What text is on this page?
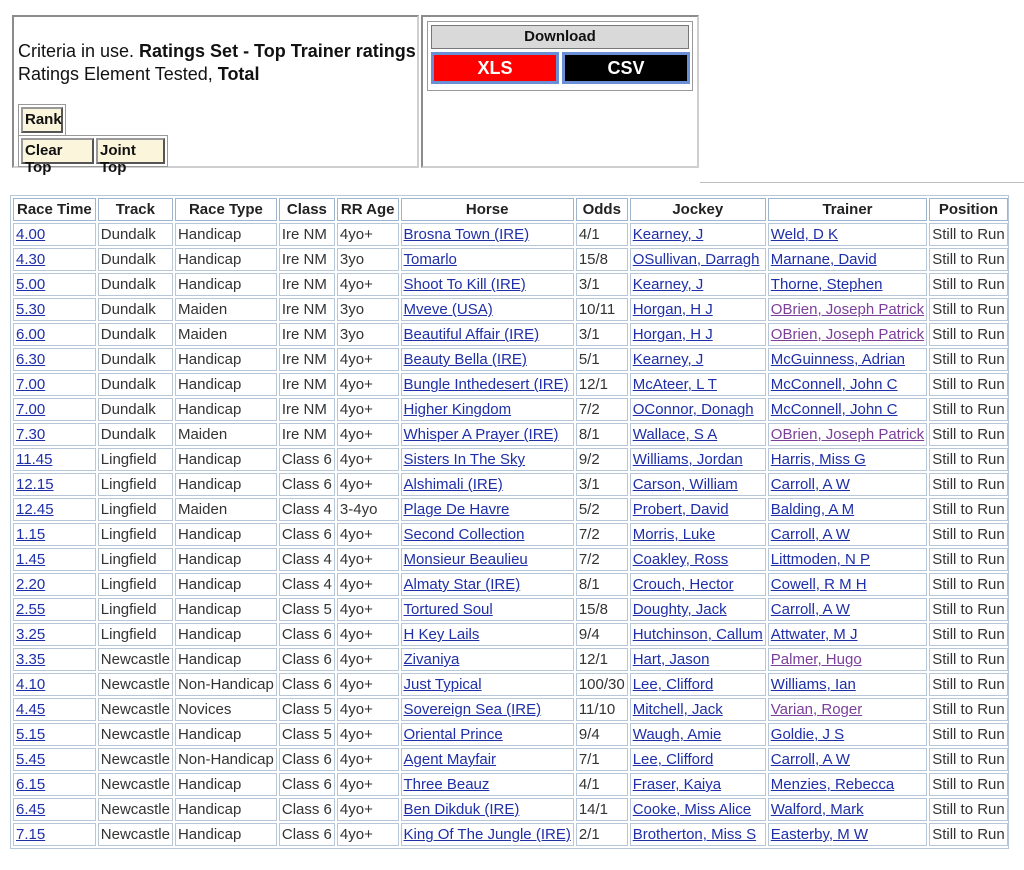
Criteria in use. Ratings Set - Top Trainer ratings
Ratings Element Tested, Total
Rank
Clear Top
Joint Top
Download
XLS	CSV
Race Time	Track	Race Type	Class	RR Age	Horse	Odds	Jockey	Trainer	Position
4.00	Dundalk	Handicap	Ire NM	4yo+	Brosna Town (IRE)	4/1	Kearney, J	Weld, D K	Still to Run
4.30	Dundalk	Handicap	Ire NM	3yo	Tomarlo	15/8	OSullivan, Darragh	Marnane, David	Still to Run
5.00	Dundalk	Handicap	Ire NM	4yo+	Shoot To Kill (IRE)	3/1	Kearney, J	Thorne, Stephen	Still to Run
5.30	Dundalk	Maiden	Ire NM	3yo	Mveve (USA)	10/11	Horgan, H J	OBrien, Joseph Patrick	Still to Run
6.00	Dundalk	Maiden	Ire NM	3yo	Beautiful Affair (IRE)	3/1	Horgan, H J	OBrien, Joseph Patrick	Still to Run
6.30	Dundalk	Handicap	Ire NM	4yo+	Beauty Bella (IRE)	5/1	Kearney, J	McGuinness, Adrian	Still to Run
7.00	Dundalk	Handicap	Ire NM	4yo+	Bungle Inthedesert (IRE)	12/1	McAteer, L T	McConnell, John C	Still to Run
7.00	Dundalk	Handicap	Ire NM	4yo+	Higher Kingdom	7/2	OConnor, Donagh	McConnell, John C	Still to Run
7.30	Dundalk	Maiden	Ire NM	4yo+	Whisper A Prayer (IRE)	8/1	Wallace, S A	OBrien, Joseph Patrick	Still to Run
11.45	Lingfield	Handicap	Class 6	4yo+	Sisters In The Sky	9/2	Williams, Jordan	Harris, Miss G	Still to Run
12.15	Lingfield	Handicap	Class 6	4yo+	Alshimali (IRE)	3/1	Carson, William	Carroll, A W	Still to Run
12.45	Lingfield	Maiden	Class 4	3-4yo	Plage De Havre	5/2	Probert, David	Balding, A M	Still to Run
1.15	Lingfield	Handicap	Class 6	4yo+	Second Collection	7/2	Morris, Luke	Carroll, A W	Still to Run
1.45	Lingfield	Handicap	Class 4	4yo+	Monsieur Beaulieu	7/2	Coakley, Ross	Littmoden, N P	Still to Run
2.20	Lingfield	Handicap	Class 4	4yo+	Almaty Star (IRE)	8/1	Crouch, Hector	Cowell, R M H	Still to Run
2.55	Lingfield	Handicap	Class 5	4yo+	Tortured Soul	15/8	Doughty, Jack	Carroll, A W	Still to Run
3.25	Lingfield	Handicap	Class 6	4yo+	H Key Lails	9/4	Hutchinson, Callum	Attwater, M J	Still to Run
3.35	Newcastle	Handicap	Class 6	4yo+	Zivaniya	12/1	Hart, Jason	Palmer, Hugo	Still to Run
4.10	Newcastle	Non-Handicap	Class 6	4yo+	Just Typical	100/30	Lee, Clifford	Williams, Ian	Still to Run
4.45	Newcastle	Novices	Class 5	4yo+	Sovereign Sea (IRE)	11/10	Mitchell, Jack	Varian, Roger	Still to Run
5.15	Newcastle	Handicap	Class 5	4yo+	Oriental Prince	9/4	Waugh, Amie	Goldie, J S	Still to Run
5.45	Newcastle	Non-Handicap	Class 6	4yo+	Agent Mayfair	7/1	Lee, Clifford	Carroll, A W	Still to Run
6.15	Newcastle	Handicap	Class 6	4yo+	Three Beauz	4/1	Fraser, Kaiya	Menzies, Rebecca	Still to Run
6.45	Newcastle	Handicap	Class 6	4yo+	Ben Dikduk (IRE)	14/1	Cooke, Miss Alice	Walford, Mark	Still to Run
7.15	Newcastle	Handicap	Class 6	4yo+	King Of The Jungle (IRE)	2/1	Brotherton, Miss S	Easterby, M W	Still to Run
